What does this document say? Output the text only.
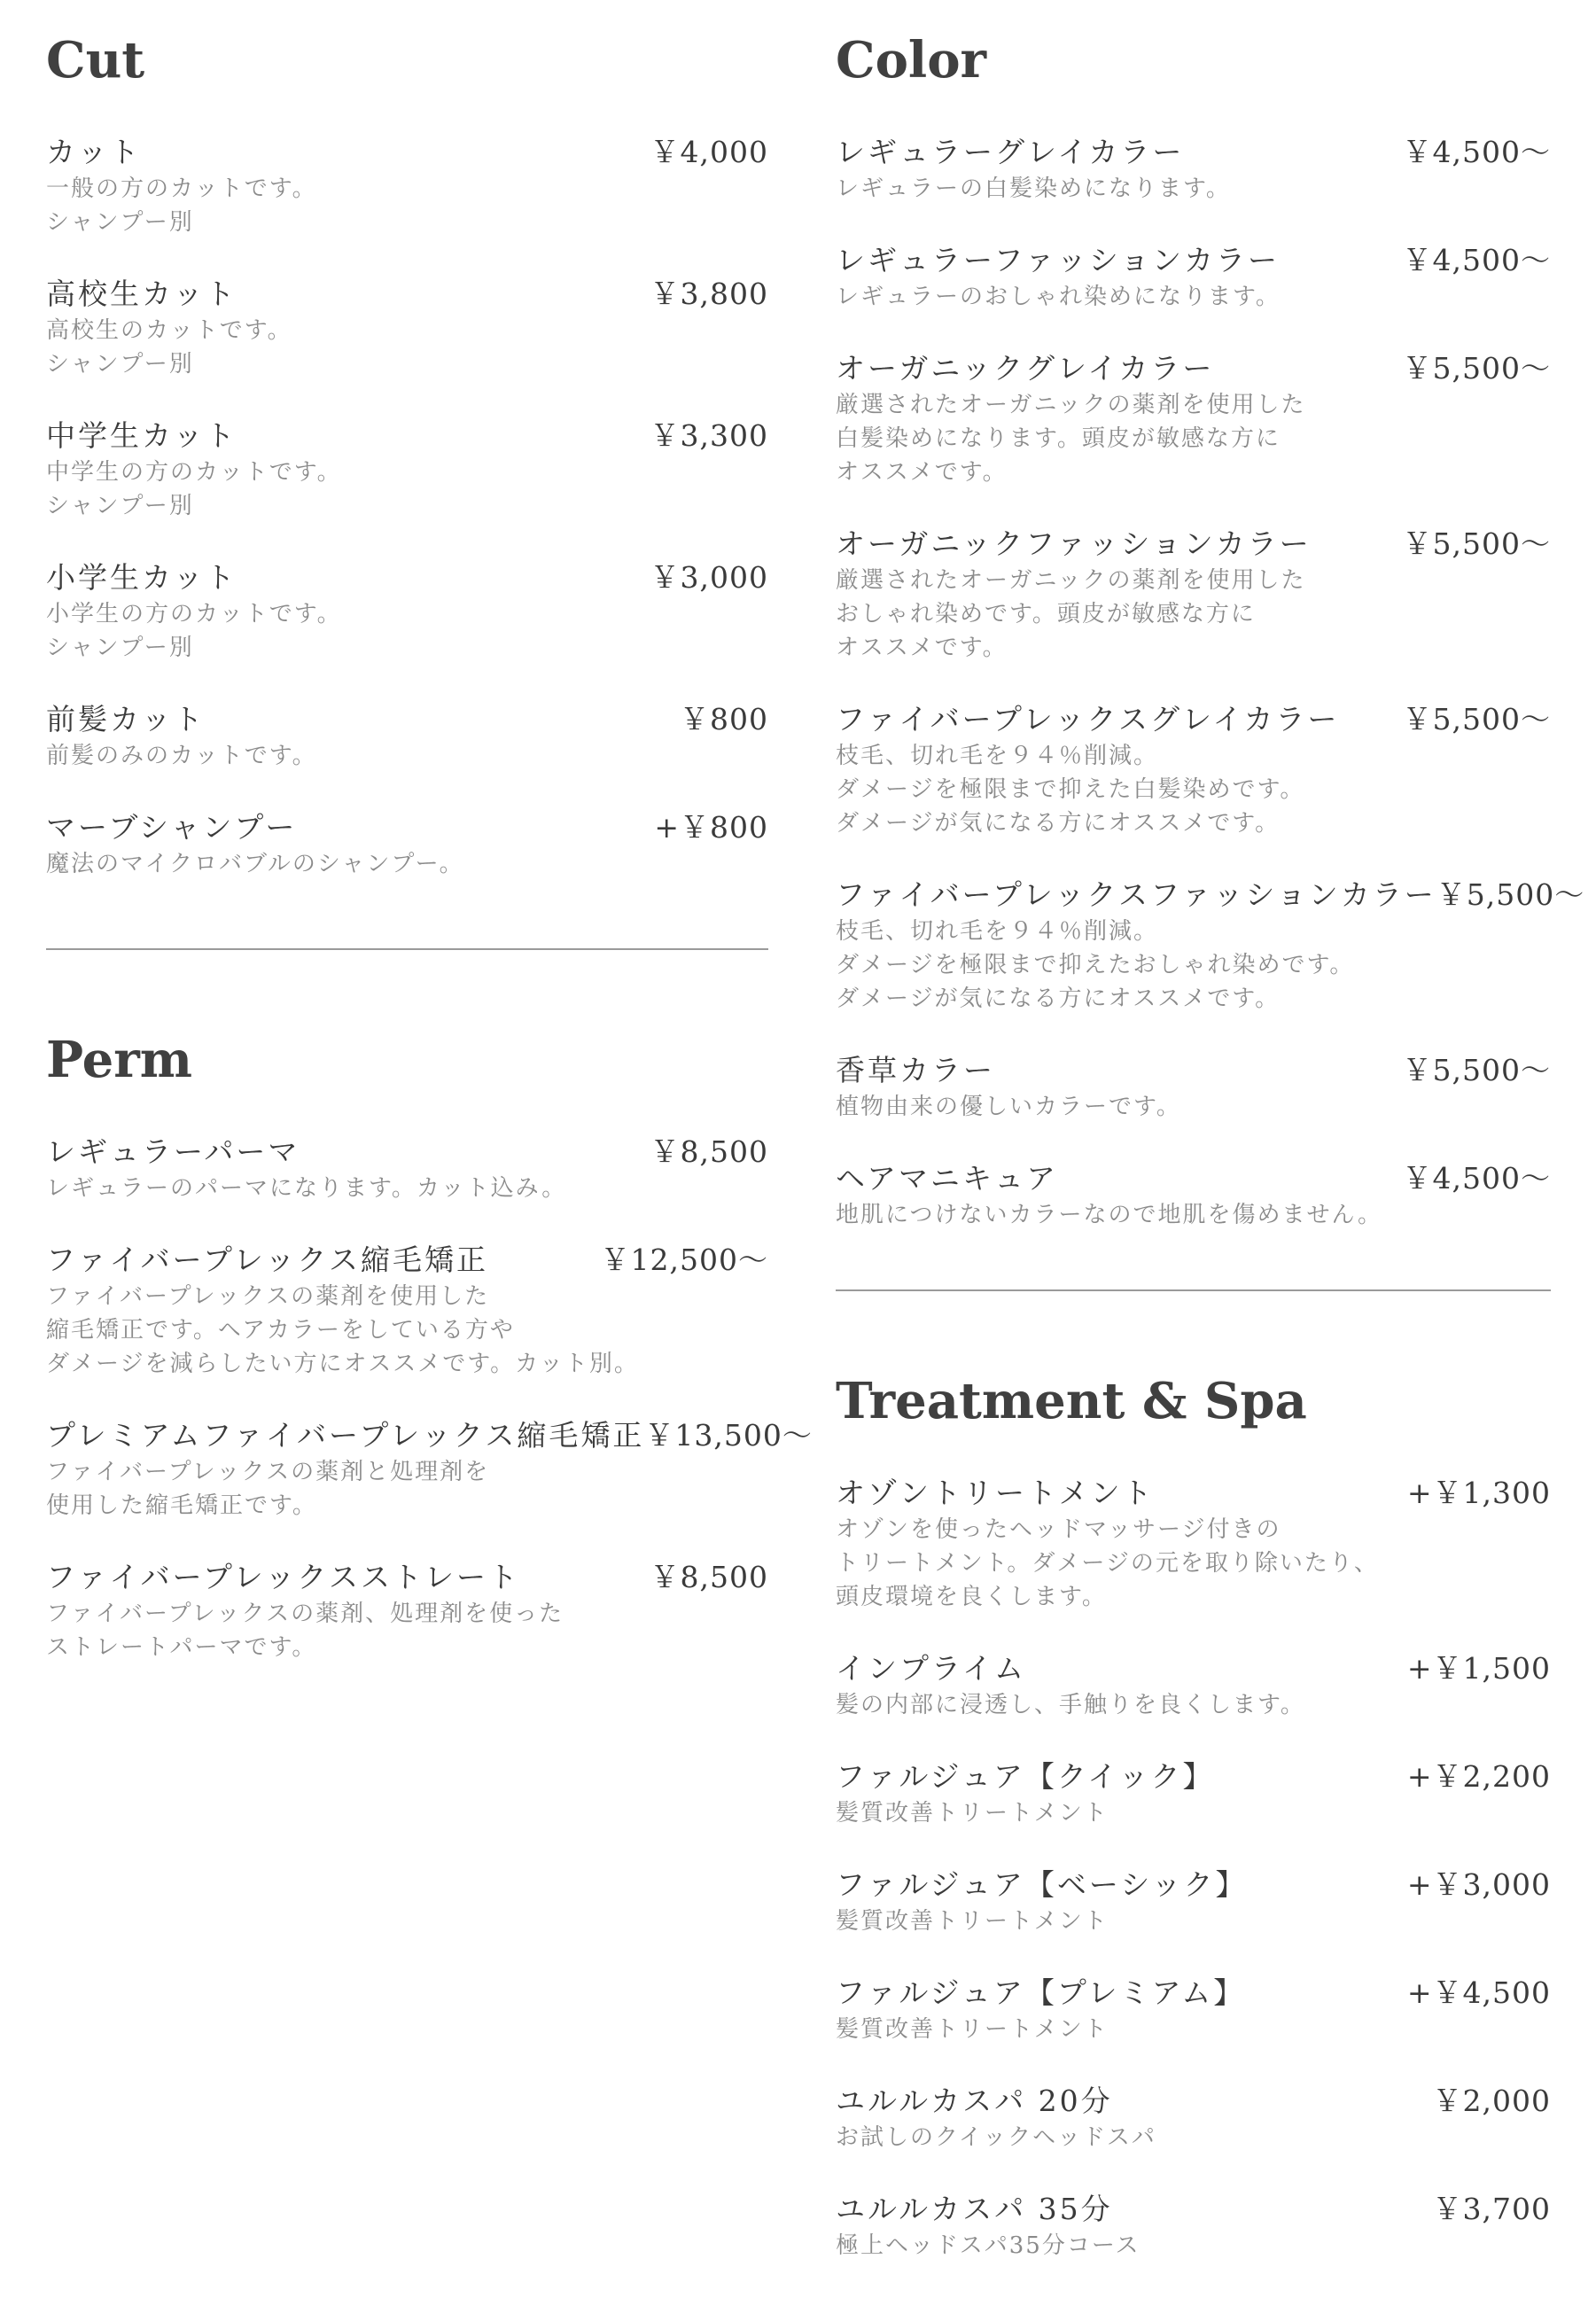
Cut
カット	￥4,000
一般の方のカットです。
シャンプー別
高校生カット	￥3,800
高校生のカットです。
シャンプー別
中学生カット	￥3,300
中学生の方のカットです。
シャンプー別
小学生カット	￥3,000
小学生の方のカットです。
シャンプー別
前髪カット	￥800
前髪のみのカットです。
マーブシャンプー	+￥800
魔法のマイクロバブルのシャンプー。
Perm
レギュラーパーマ	￥8,500
レギュラーのパーマになります。カット込み。
ファイバープレックス縮毛矯正	￥12,500〜
ファイバープレックスの薬剤を使用した
縮毛矯正です。ヘアカラーをしている方や
ダメージを減らしたい方にオススメです。カット別。
プレミアムファイバープレックス縮毛矯正 ￥13,500〜
ファイバープレックスの薬剤と処理剤を
使用した縮毛矯正です。
ファイバープレックスストレート	￥8,500
ファイバープレックスの薬剤、処理剤を使った
ストレートパーマです。
Color
レギュラーグレイカラー	￥4,500〜
レギュラーの白髪染めになります。
レギュラーファッションカラー	￥4,500〜
レギュラーのおしゃれ染めになります。
オーガニックグレイカラー	￥5,500〜
厳選されたオーガニックの薬剤を使用した
白髪染めになります。頭皮が敏感な方に
オススメです。
オーガニックファッションカラー	￥5,500〜
厳選されたオーガニックの薬剤を使用した
おしゃれ染めです。頭皮が敏感な方に
オススメです。
ファイバープレックスグレイカラー ￥5,500〜
枝毛、切れ毛を９４％削減。
ダメージを極限まで抑えた白髪染めです。
ダメージが気になる方にオススメです。
ファイバープレックスファッションカラー ￥5,500〜
枝毛、切れ毛を９４％削減。
ダメージを極限まで抑えたおしゃれ染めです。
ダメージが気になる方にオススメです。
香草カラー	￥5,500〜
植物由来の優しいカラーです。
ヘアマニキュア	￥4,500〜
地肌につけないカラーなので地肌を傷めません。
Treatment & Spa
オゾントリートメント	+￥1,300
オゾンを使ったヘッドマッサージ付きの
トリートメント。ダメージの元を取り除いたり、
頭皮環境を良くします。
インプライム	+￥1,500
髪の内部に浸透し、手触りを良くします。
ファルジュア【クイック】	+￥2,200
髪質改善トリートメント
ファルジュア【ベーシック】	+￥3,000
髪質改善トリートメント
ファルジュア【プレミアム】	+￥4,500
髪質改善トリートメント
ユルルカスパ 20分	￥2,000
お試しのクイックヘッドスパ
ユルルカスパ 35分	￥3,700
極上ヘッドスパ35分コース
